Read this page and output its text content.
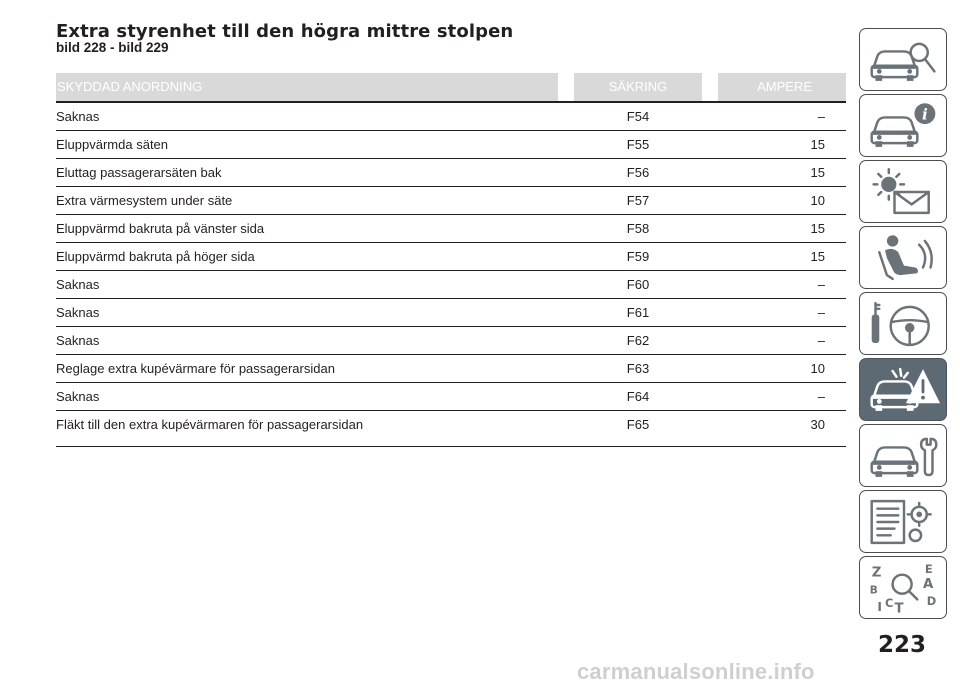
Extra styrenhet till den högra mittre stolpen
bild 228 - bild 229
SKYDDAD ANORDNING	SÄKRING	AMPERE
Saknas	F54	–
Eluppvärmda säten	F55	15
Eluttag passagerarsäten bak	F56	15
Extra värmesystem under säte	F57	10
Eluppvärmd bakruta på vänster sida	F58	15
Eluppvärmd bakruta på höger sida	F59	15
Saknas	F60	–
Saknas	F61	–
Saknas	F62	–
Reglage extra kupévärmare för passagerarsidan	F63	10
Saknas	F64	–
Fläkt till den extra kupévärmaren för passagerarsidan	F65	30
i
Z	E
A
B
D
C
I T
223
carmanualsonline.info
